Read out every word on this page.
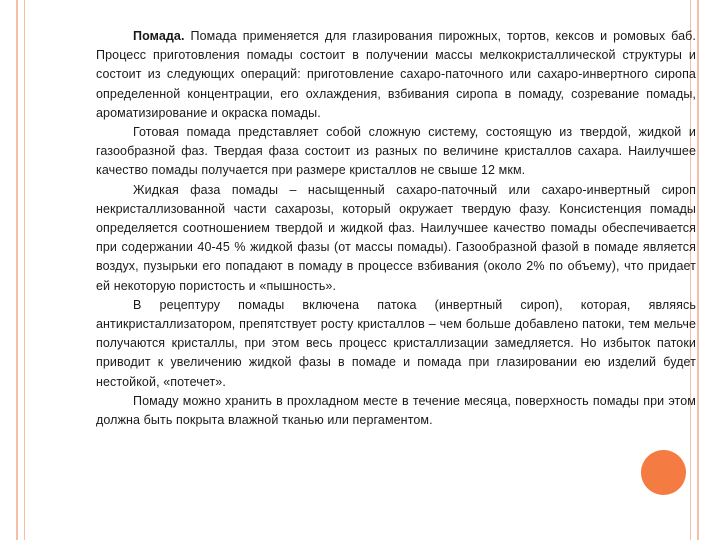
Помада. Помада применяется для глазирования пирожных, тортов, кексов и ромовых баб. Процесс приготовления помады состоит в получении массы мелкокристаллической структуры и состоит из следующих операций: приготовление сахаро-паточного или сахаро-инвертного сиропа определенной концентрации, его охлаждения, взбивания сиропа в помаду, созревание помады, ароматизирование и окраска помады.

Готовая помада представляет собой сложную систему, состоящую из твердой, жидкой и газообразной фаз. Твердая фаза состоит из разных по величине кристаллов сахара. Наилучшее качество помады получается при размере кристаллов не свыше 12 мкм.

Жидкая фаза помады – насыщенный сахаро-паточный или сахаро-инвертный сироп некристаллизованной части сахарозы, который окружает твердую фазу. Консистенция помады определяется соотношением твердой и жидкой фаз. Наилучшее качество помады обеспечивается при содержании 40-45 % жидкой фазы (от массы помады). Газообразной фазой в помаде является воздух, пузырьки его попадают в помаду в процессе взбивания (около 2% по объему), что придает ей некоторую пористость и «пышность».

В рецептуру помады включена патока (инвертный сироп), которая, являясь антикристаллизатором, препятствует росту кристаллов – чем больше добавлено патоки, тем мельче получаются кристаллы, при этом весь процесс кристаллизации замедляется. Но избыток патоки приводит к увеличению жидкой фазы в помаде и помада при глазировании ею изделий будет нестойкой, «потечет».

Помаду можно хранить в прохладном месте в течение месяца, поверхность помады при этом должна быть покрыта влажной тканью или пергаментом.
